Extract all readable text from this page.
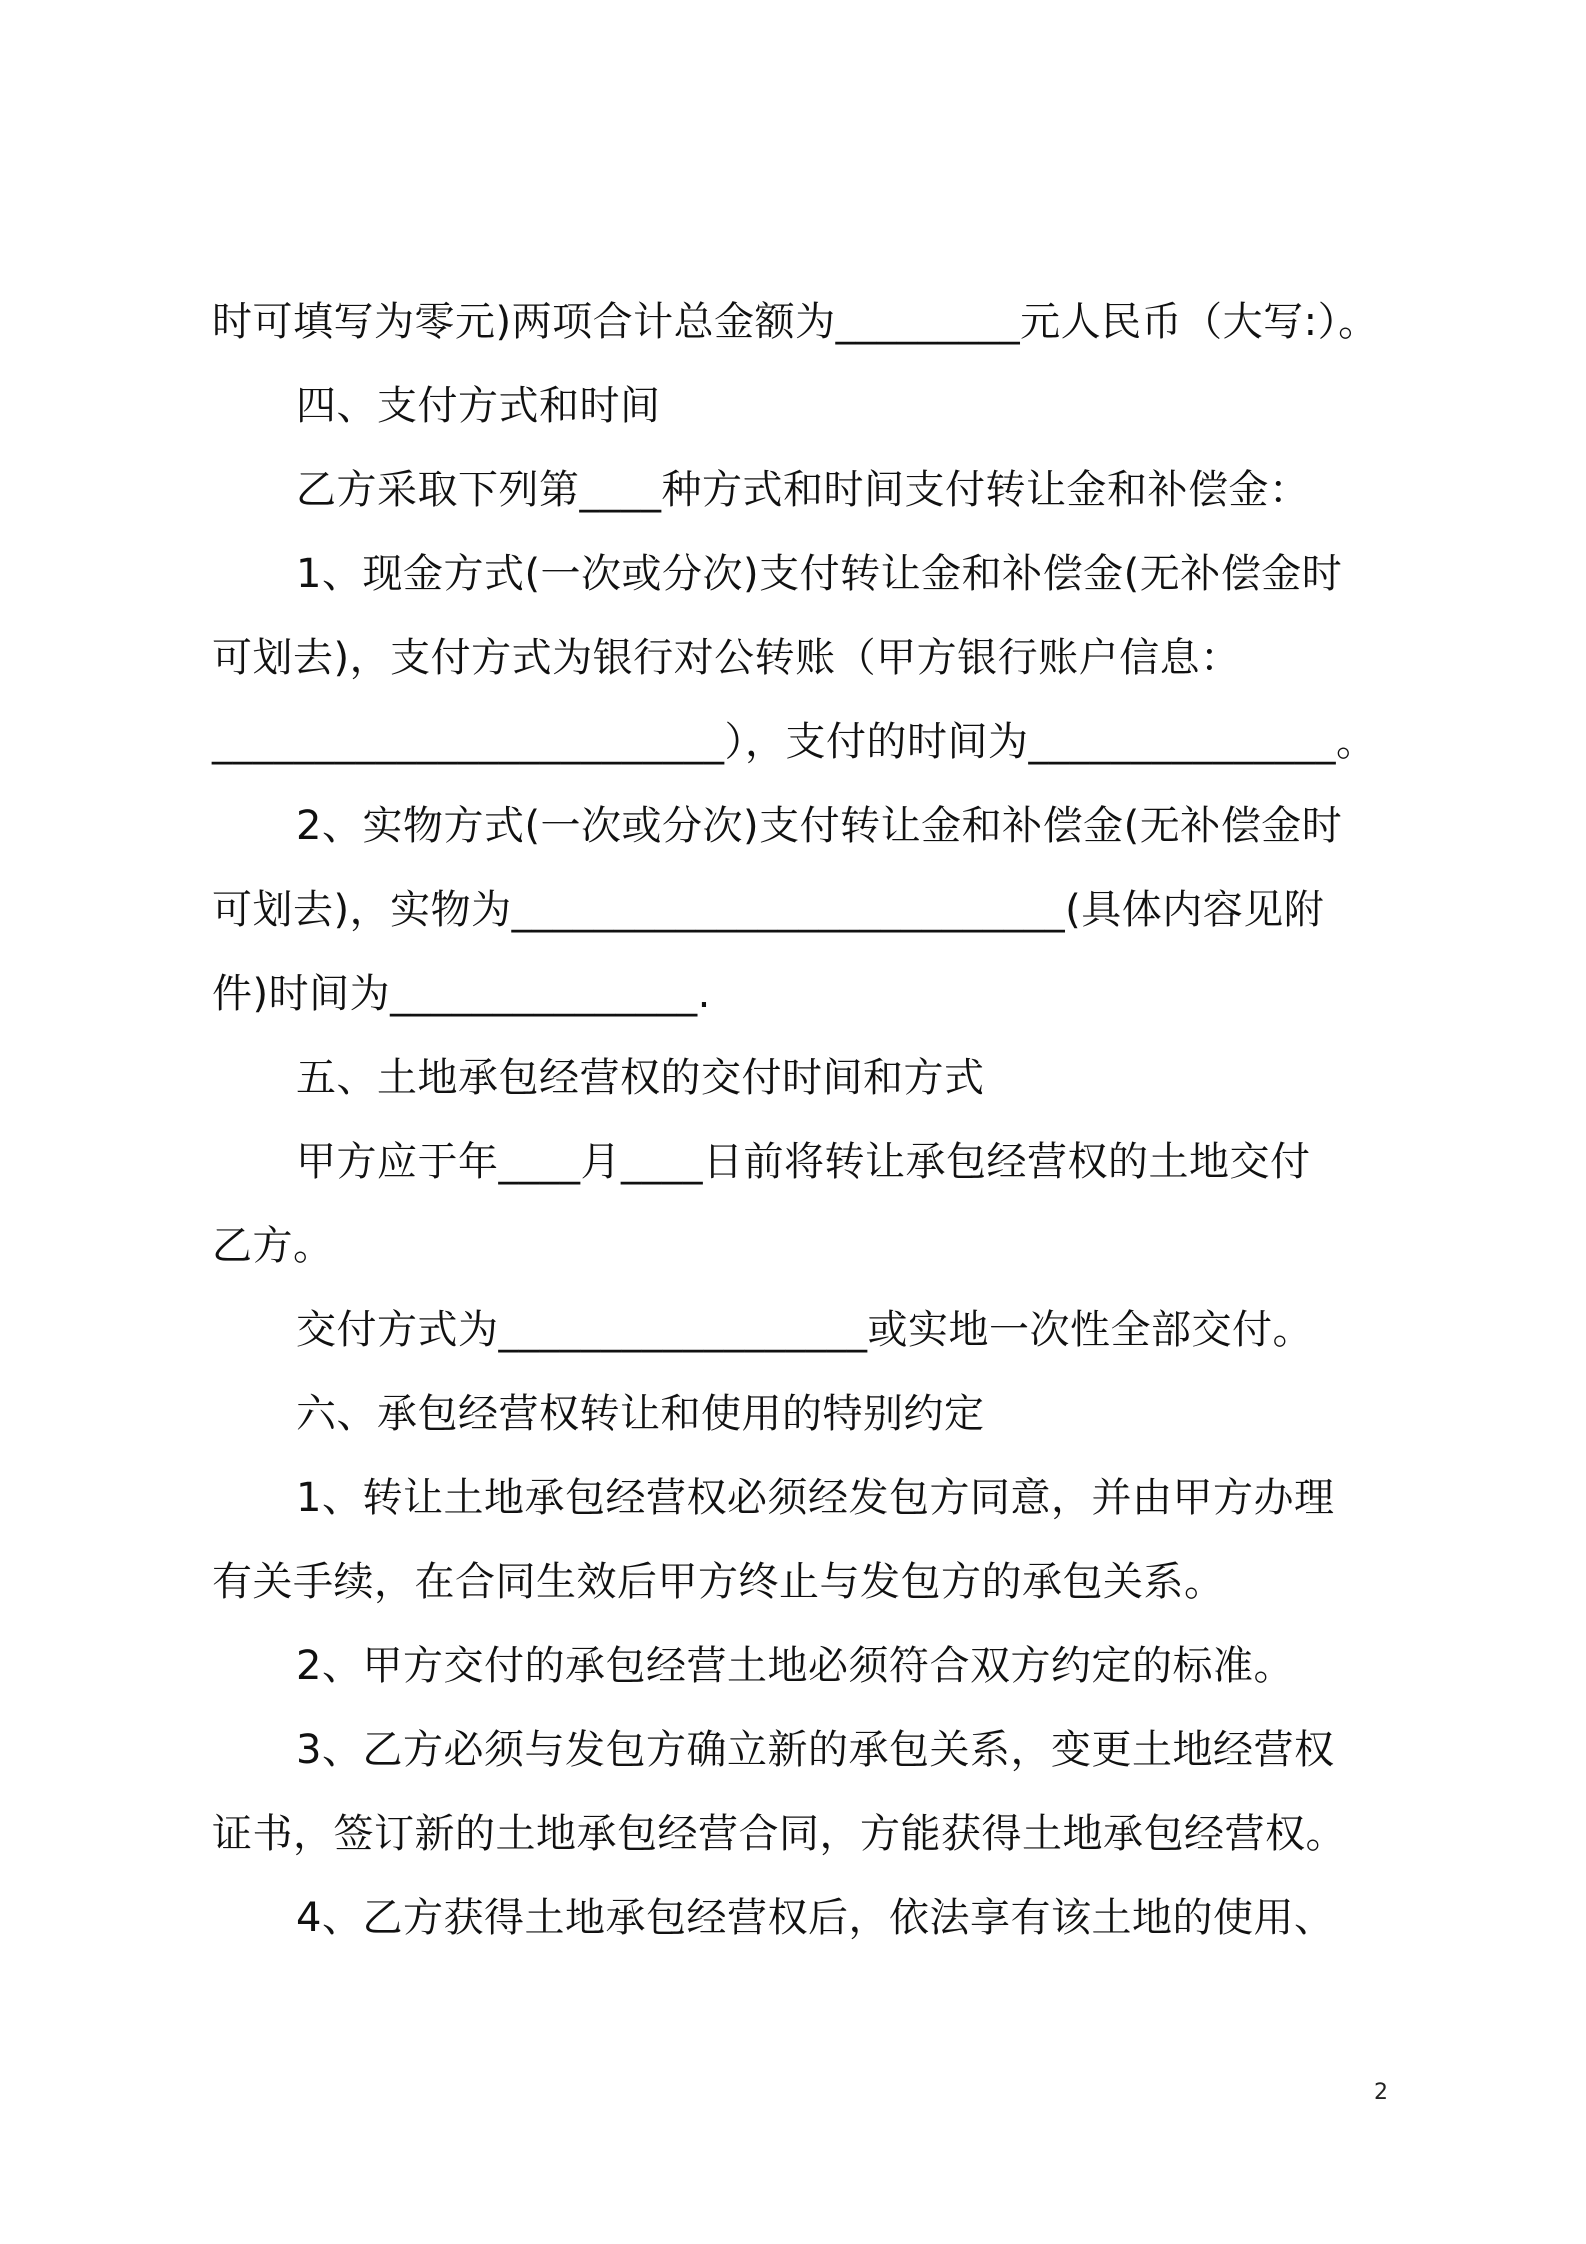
时可填写为零元)两项合计总金额为_________元人民币（大写:）。
四、支付方式和时间
乙方采取下列第____种方式和时间支付转让金和补偿金：
1、现金方式(一次或分次)支付转让金和补偿金(无补偿金时
可划去)，支付方式为银行对公转账（甲方银行账户信息：
_________________________），支付的时间为_______________。
2、实物方式(一次或分次)支付转让金和补偿金(无补偿金时
可划去)，实物为___________________________(具体内容见附
件)时间为_______________.
五、土地承包经营权的交付时间和方式
甲方应于年____月____日前将转让承包经营权的土地交付
乙方。
交付方式为__________________或实地一次性全部交付。
六、承包经营权转让和使用的特别约定
1、转让土地承包经营权必须经发包方同意，并由甲方办理
有关手续，在合同生效后甲方终止与发包方的承包关系。
2、甲方交付的承包经营土地必须符合双方约定的标准。
3、乙方必须与发包方确立新的承包关系，变更土地经营权
证书，签订新的土地承包经营合同，方能获得土地承包经营权。
4、乙方获得土地承包经营权后，依法享有该土地的使用、
2
